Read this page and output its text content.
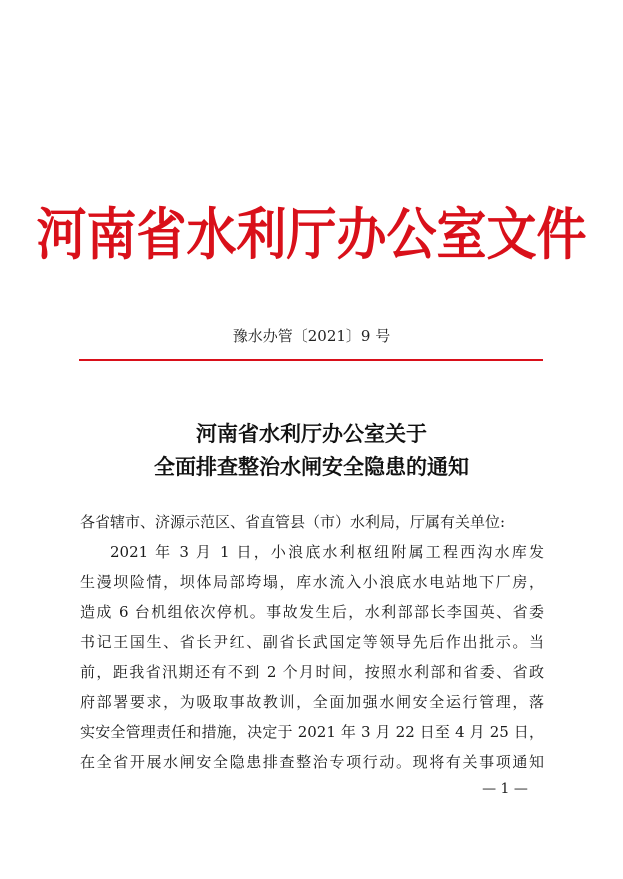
河南省水利厅办公室文件
豫水办管〔2021〕9 号
河南省水利厅办公室关于
全面排查整治水闸安全隐患的通知
各省辖市、济源示范区、省直管县（市）水利局，厅属有关单位:
2021 年 3 月 1 日，小浪底水利枢纽附属工程西沟水库发
生漫坝险情，坝体局部垮塌，库水流入小浪底水电站地下厂房，
造成 6 台机组依次停机。事故发生后，水利部部长李国英、省委
书记王国生、省长尹红、副省长武国定等领导先后作出批示。当
前，距我省汛期还有不到 2 个月时间，按照水利部和省委、省政
府部署要求，为吸取事故教训，全面加强水闸安全运行管理，落
实安全管理责任和措施，决定于 2021 年 3 月 22 日至 4 月 25 日，
在全省开展水闸安全隐患排查整治专项行动。现将有关事项通知
— 1 —
